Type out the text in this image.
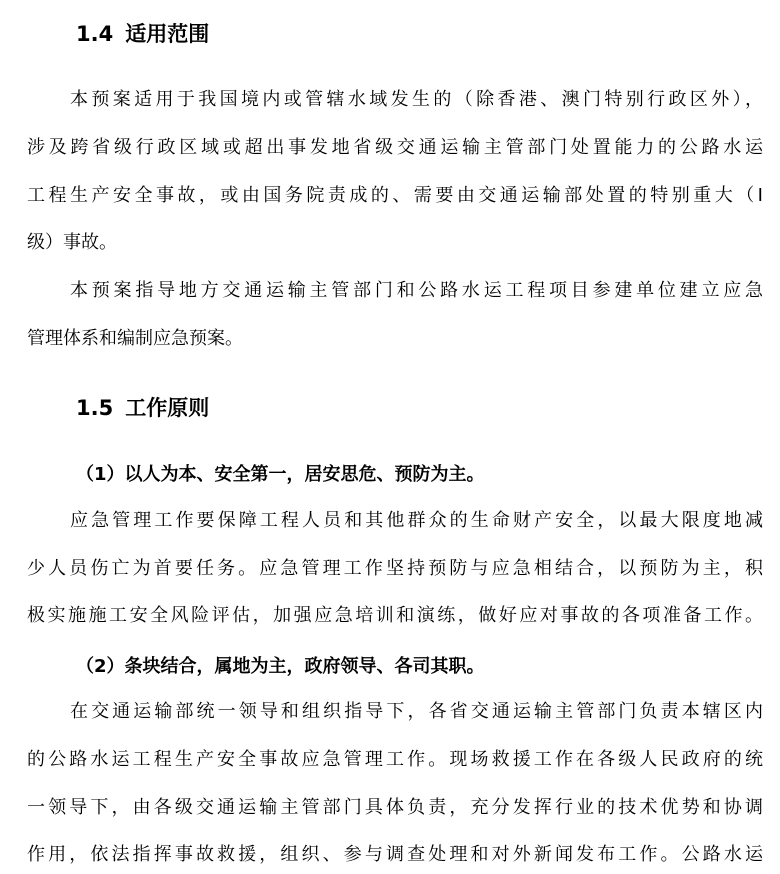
1.4 适用范围
本预案适用于我国境内或管辖水域发生的（除香港、澳门特别行政区外），
涉及跨省级行政区域或超出事发地省级交通运输主管部门处置能力的公路水运
工程生产安全事故，或由国务院责成的、需要由交通运输部处置的特别重大（Ⅰ
级）事故。
本预案指导地方交通运输主管部门和公路水运工程项目参建单位建立应急
管理体系和编制应急预案。
1.5 工作原则
（1）以人为本、安全第一，居安思危、预防为主。
应急管理工作要保障工程人员和其他群众的生命财产安全，以最大限度地减
少人员伤亡为首要任务。应急管理工作坚持预防与应急相结合，以预防为主，积
极实施施工安全风险评估，加强应急培训和演练，做好应对事故的各项准备工作。
（2）条块结合，属地为主，政府领导、各司其职。
在交通运输部统一领导和组织指导下，各省交通运输主管部门负责本辖区内
的公路水运工程生产安全事故应急管理工作。现场救援工作在各级人民政府的统
一领导下，由各级交通运输主管部门具体负责，充分发挥行业的技术优势和协调
作用，依法指挥事故救援，组织、参与调查处理和对外新闻发布工作。公路水运
